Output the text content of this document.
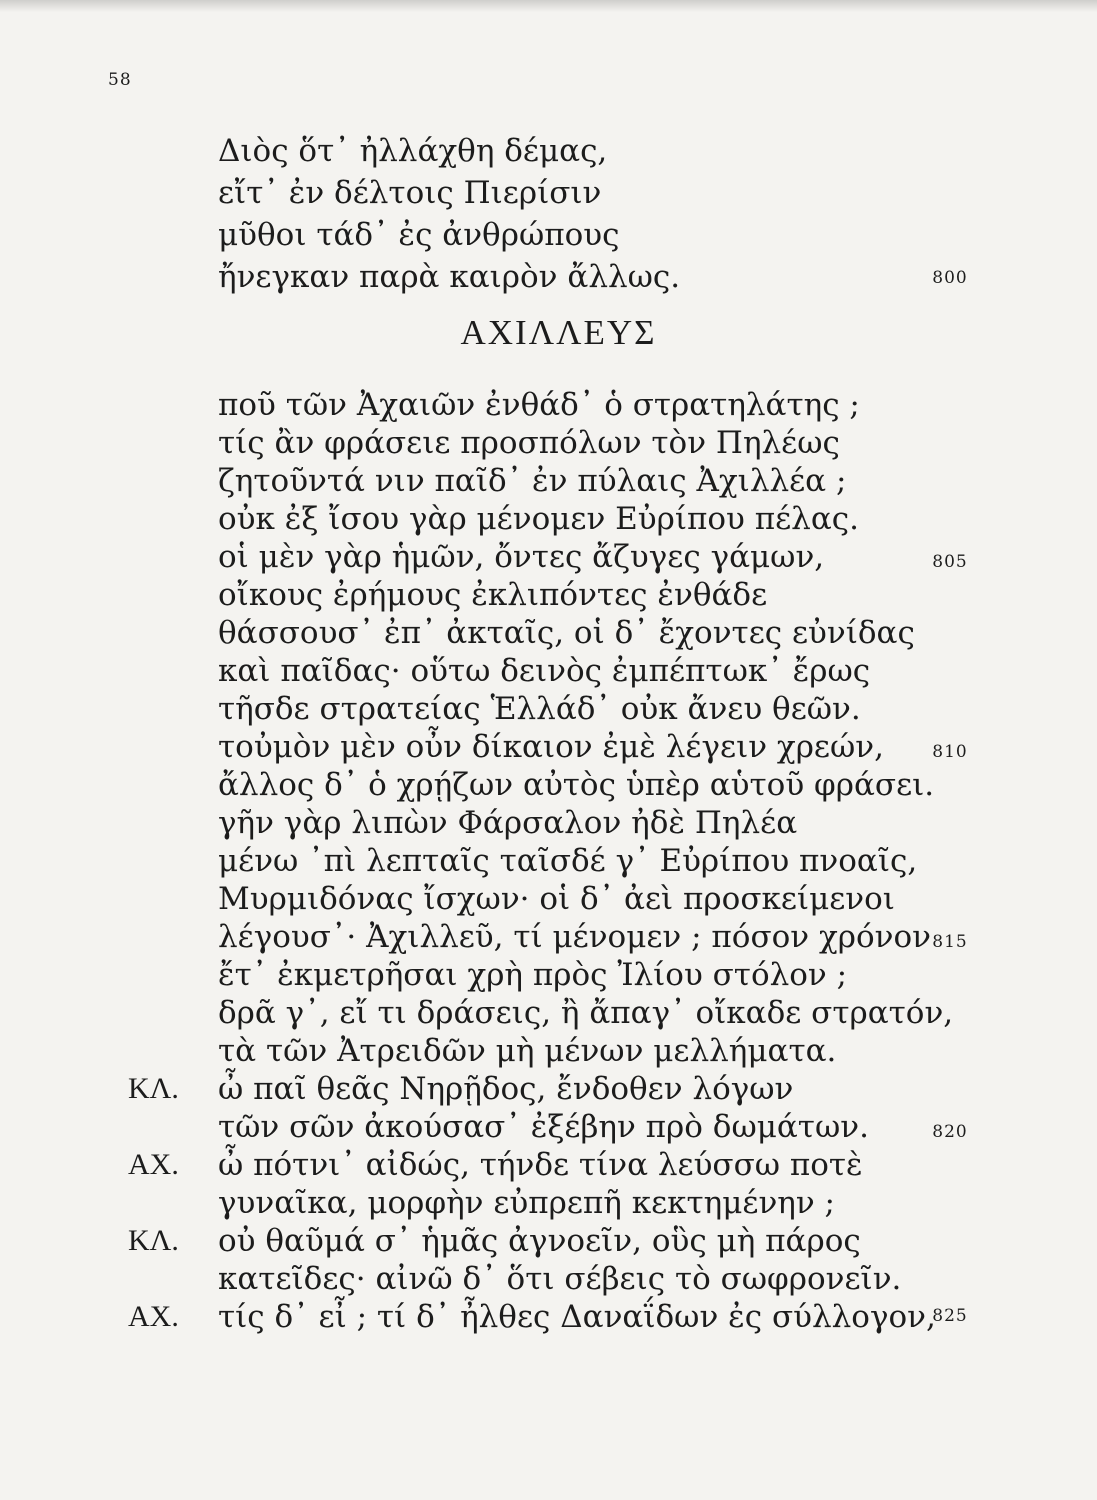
58
Διὸς ὅτ᾽ ἠλλάχθη δέμας,
εἴτ᾽ ἐν δέλτοις Πιερίσιν
μῦθοι τάδ᾽ ἐς ἀνθρώπους
ἤνεγκαν παρὰ καιρὸν ἄλλως.	800
ΑΧΙΛΛΕΥΣ
ποῦ τῶν Ἀχαιῶν ἐνθάδ᾽ ὁ στρατηλάτης ;
τίς ἂν φράσειε προσπόλων τὸν Πηλέως
ζητοῦντά νιν παῖδ᾽ ἐν πύλαις Ἀχιλλέα ;
οὐκ ἐξ ἴσου γὰρ μένομεν Εὐρίπου πέλας.
οἱ μὲν γὰρ ἡμῶν, ὄντες ἄζυγες γάμων,	805
οἴκους ἐρήμους ἐκλιπόντες ἐνθάδε
θάσσουσ᾽ ἐπ᾽ ἀκταῖς, οἱ δ᾽ ἔχοντες εὐνίδας
καὶ παῖδας· οὕτω δεινὸς ἐμπέπτωκ᾽ ἔρως
τῆσδε στρατείας Ἑλλάδ᾽ οὐκ ἄνευ θεῶν.
τοὐμὸν μὲν οὖν δίκαιον ἐμὲ λέγειν χρεών,	810
ἄλλος δ᾽ ὁ χρῄζων αὐτὸς ὑπὲρ αὑτοῦ φράσει.
γῆν γὰρ λιπὼν Φάρσαλον ἠδὲ Πηλέα
μένω ᾽πὶ λεπταῖς ταῖσδέ γ᾽ Εὐρίπου πνοαῖς,
Μυρμιδόνας ἴσχων· οἱ δ᾽ ἀεὶ προσκείμενοι
λέγουσ᾽· Ἀχιλλεῦ, τί μένομεν ; πόσον χρόνον 815
ἔτ᾽ ἐκμετρῆσαι χρὴ πρὸς Ἰλίου στόλον ;
δρᾶ γ᾽, εἴ τι δράσεις, ἢ ἄπαγ᾽ οἴκαδε στρατόν,
τὰ τῶν Ἀτρειδῶν μὴ μένων μελλήματα.
ΚΛ. ὦ παῖ θεᾶς Νηρῇδος, ἔνδοθεν λόγων
τῶν σῶν ἀκούσασ᾽ ἐξέβην πρὸ δωμάτων.	820
ΑΧ. ὦ πότνι᾽ αἰδώς, τήνδε τίνα λεύσσω ποτὲ
γυναῖκα, μορφὴν εὐπρεπῆ κεκτημένην ;
ΚΛ. οὐ θαῦμά σ᾽ ἡμᾶς ἀγνοεῖν, οὓς μὴ πάρος
κατεῖδες· αἰνῶ δ᾽ ὅτι σέβεις τὸ σωφρονεῖν.
ΑΧ. τίς δ᾽ εἶ ; τί δ᾽ ἦλθες Δαναΐδων ἐς σύλλογον,
825
